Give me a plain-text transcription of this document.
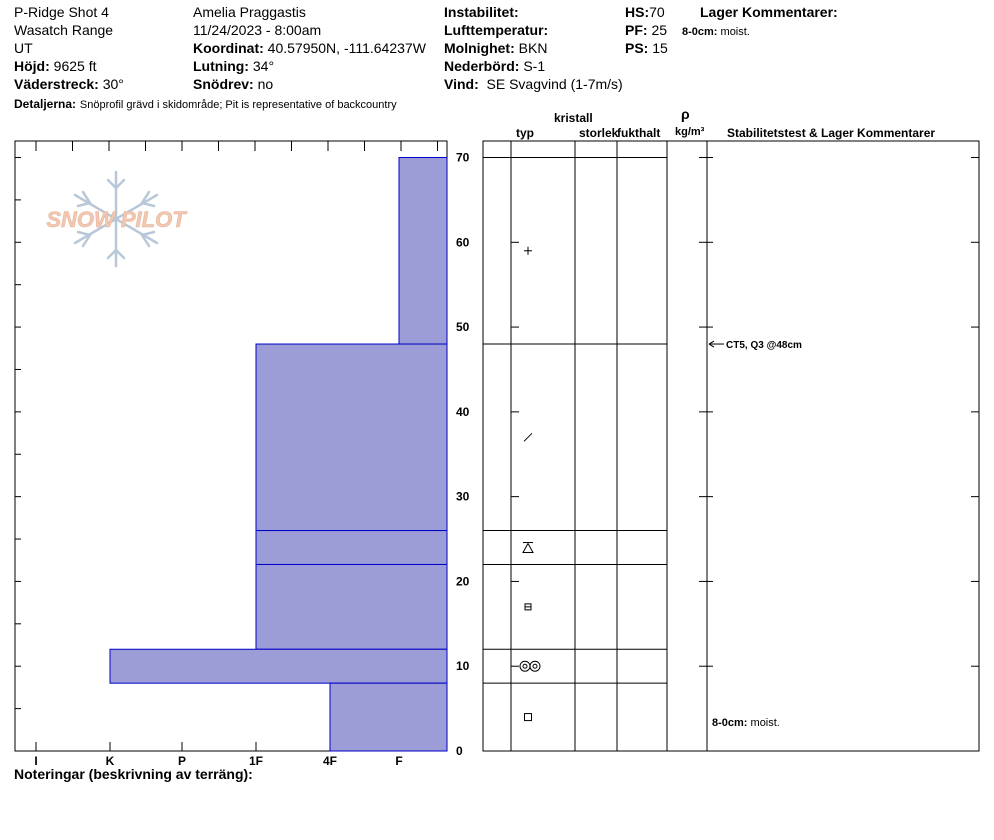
P-Ridge Shot 4
Wasatch Range
UT
Höjd: 9625 ft
Väderstreck: 30°
Detaljerna: Snöprofil grävd i skidområde; Pit is representative of backcountry
Amelia Praggastis
11/24/2023 - 8:00am
Koordinat: 40.57950N, -111.64237W
Lutning: 34°
Snödrev: no
Instabilitet:
Lufttemperatur:
Molnighet: BKN
Nederbörd: S-1
Vind: SE Svagvind (1-7m/s)
HS:70
PF: 25
PS: 15
Lager Kommentarer:
8-0cm: moist.
kristall
typ	storlek
fukthalt
ρ
kg/m³ Stabilitetstest & Lager Kommentarer
Noteringar (beskrivning av terräng):
SNOW PILOT
0
10
20
30
40
50
60
70
I	K	P	1F	4F	F
CT5, Q3 @48cm
8-0cm: moist.
